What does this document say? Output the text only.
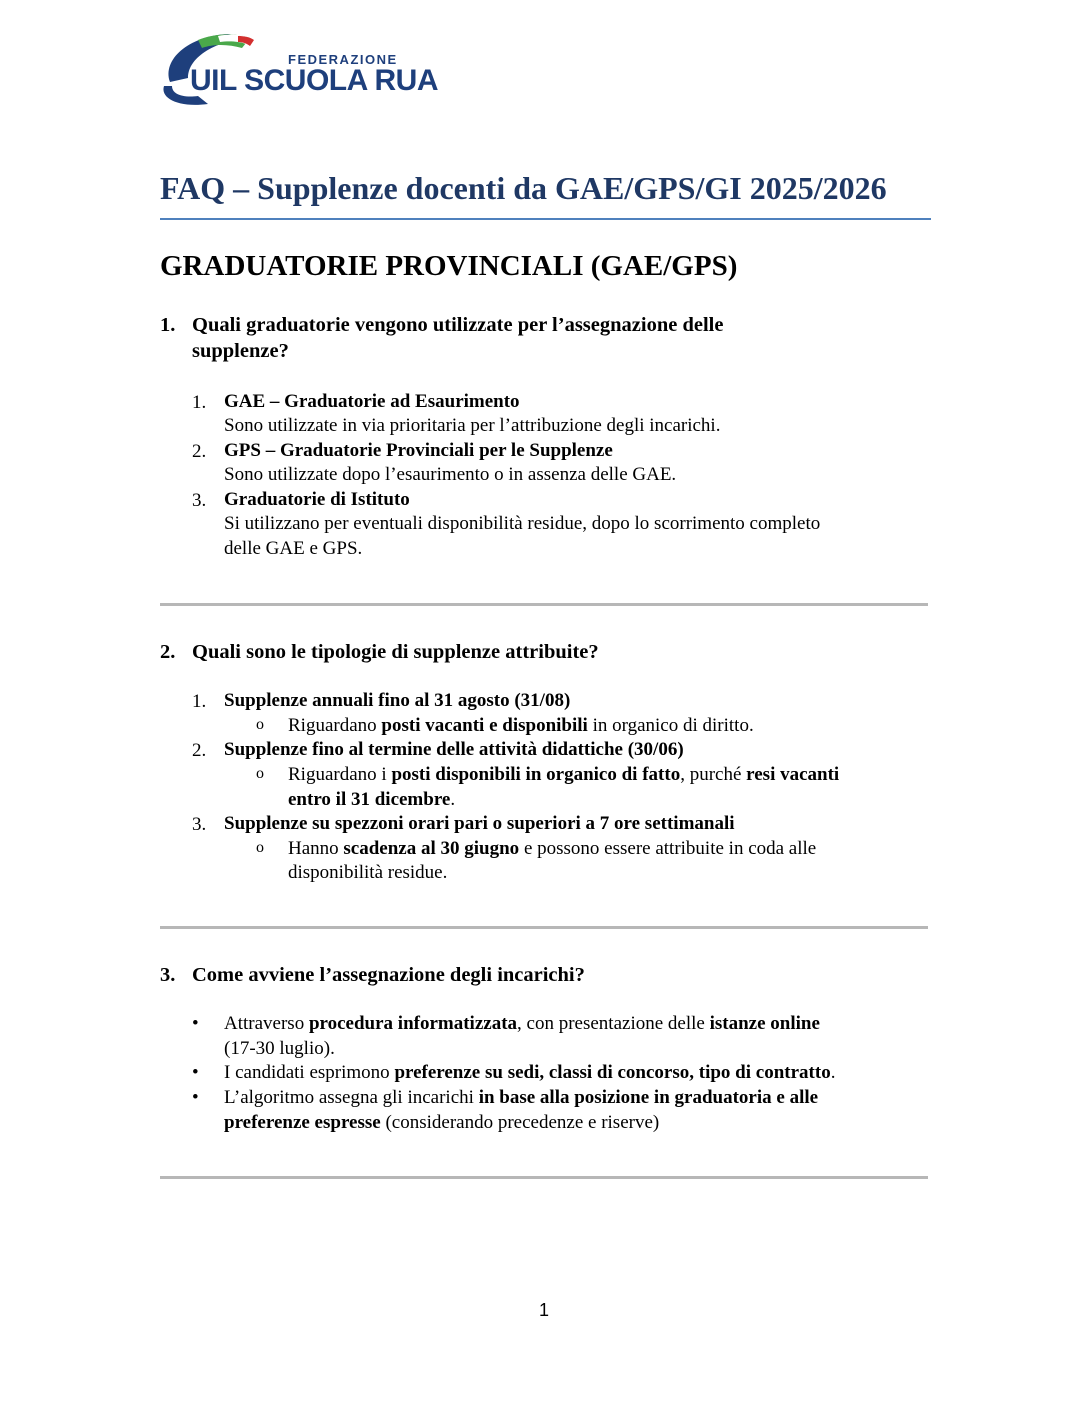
FEDERAZIONE
UIL SCUOLA RUA
FAQ – Supplenze docenti da GAE/GPS/GI 2025/2026
GRADUATORIE PROVINCIALI (GAE/GPS)
1. Quali graduatorie vengono utilizzate per l’assegnazione delle
supplenze?
1. GAE – Graduatorie ad Esaurimento
Sono utilizzate in via prioritaria per l’attribuzione degli incarichi.
2. GPS – Graduatorie Provinciali per le Supplenze
Sono utilizzate dopo l’esaurimento o in assenza delle GAE.
3. Graduatorie di Istituto
Si utilizzano per eventuali disponibilità residue, dopo lo scorrimento completo
delle GAE e GPS.
2. Quali sono le tipologie di supplenze attribuite?
1. Supplenze annuali fino al 31 agosto (31/08)
o Riguardano posti vacanti e disponibili in organico di diritto.
2. Supplenze fino al termine delle attività didattiche (30/06)
o Riguardano i posti disponibili in organico di fatto, purché resi vacanti
entro il 31 dicembre.
3. Supplenze su spezzoni orari pari o superiori a 7 ore settimanali
o Hanno scadenza al 30 giugno e possono essere attribuite in coda alle
disponibilità residue.
3. Come avviene l’assegnazione degli incarichi?
• Attraverso procedura informatizzata, con presentazione delle istanze online
(17-30 luglio).
• I candidati esprimono preferenze su sedi, classi di concorso, tipo di contratto.
• L’algoritmo assegna gli incarichi in base alla posizione in graduatoria e alle
preferenze espresse (considerando precedenze e riserve)
1
